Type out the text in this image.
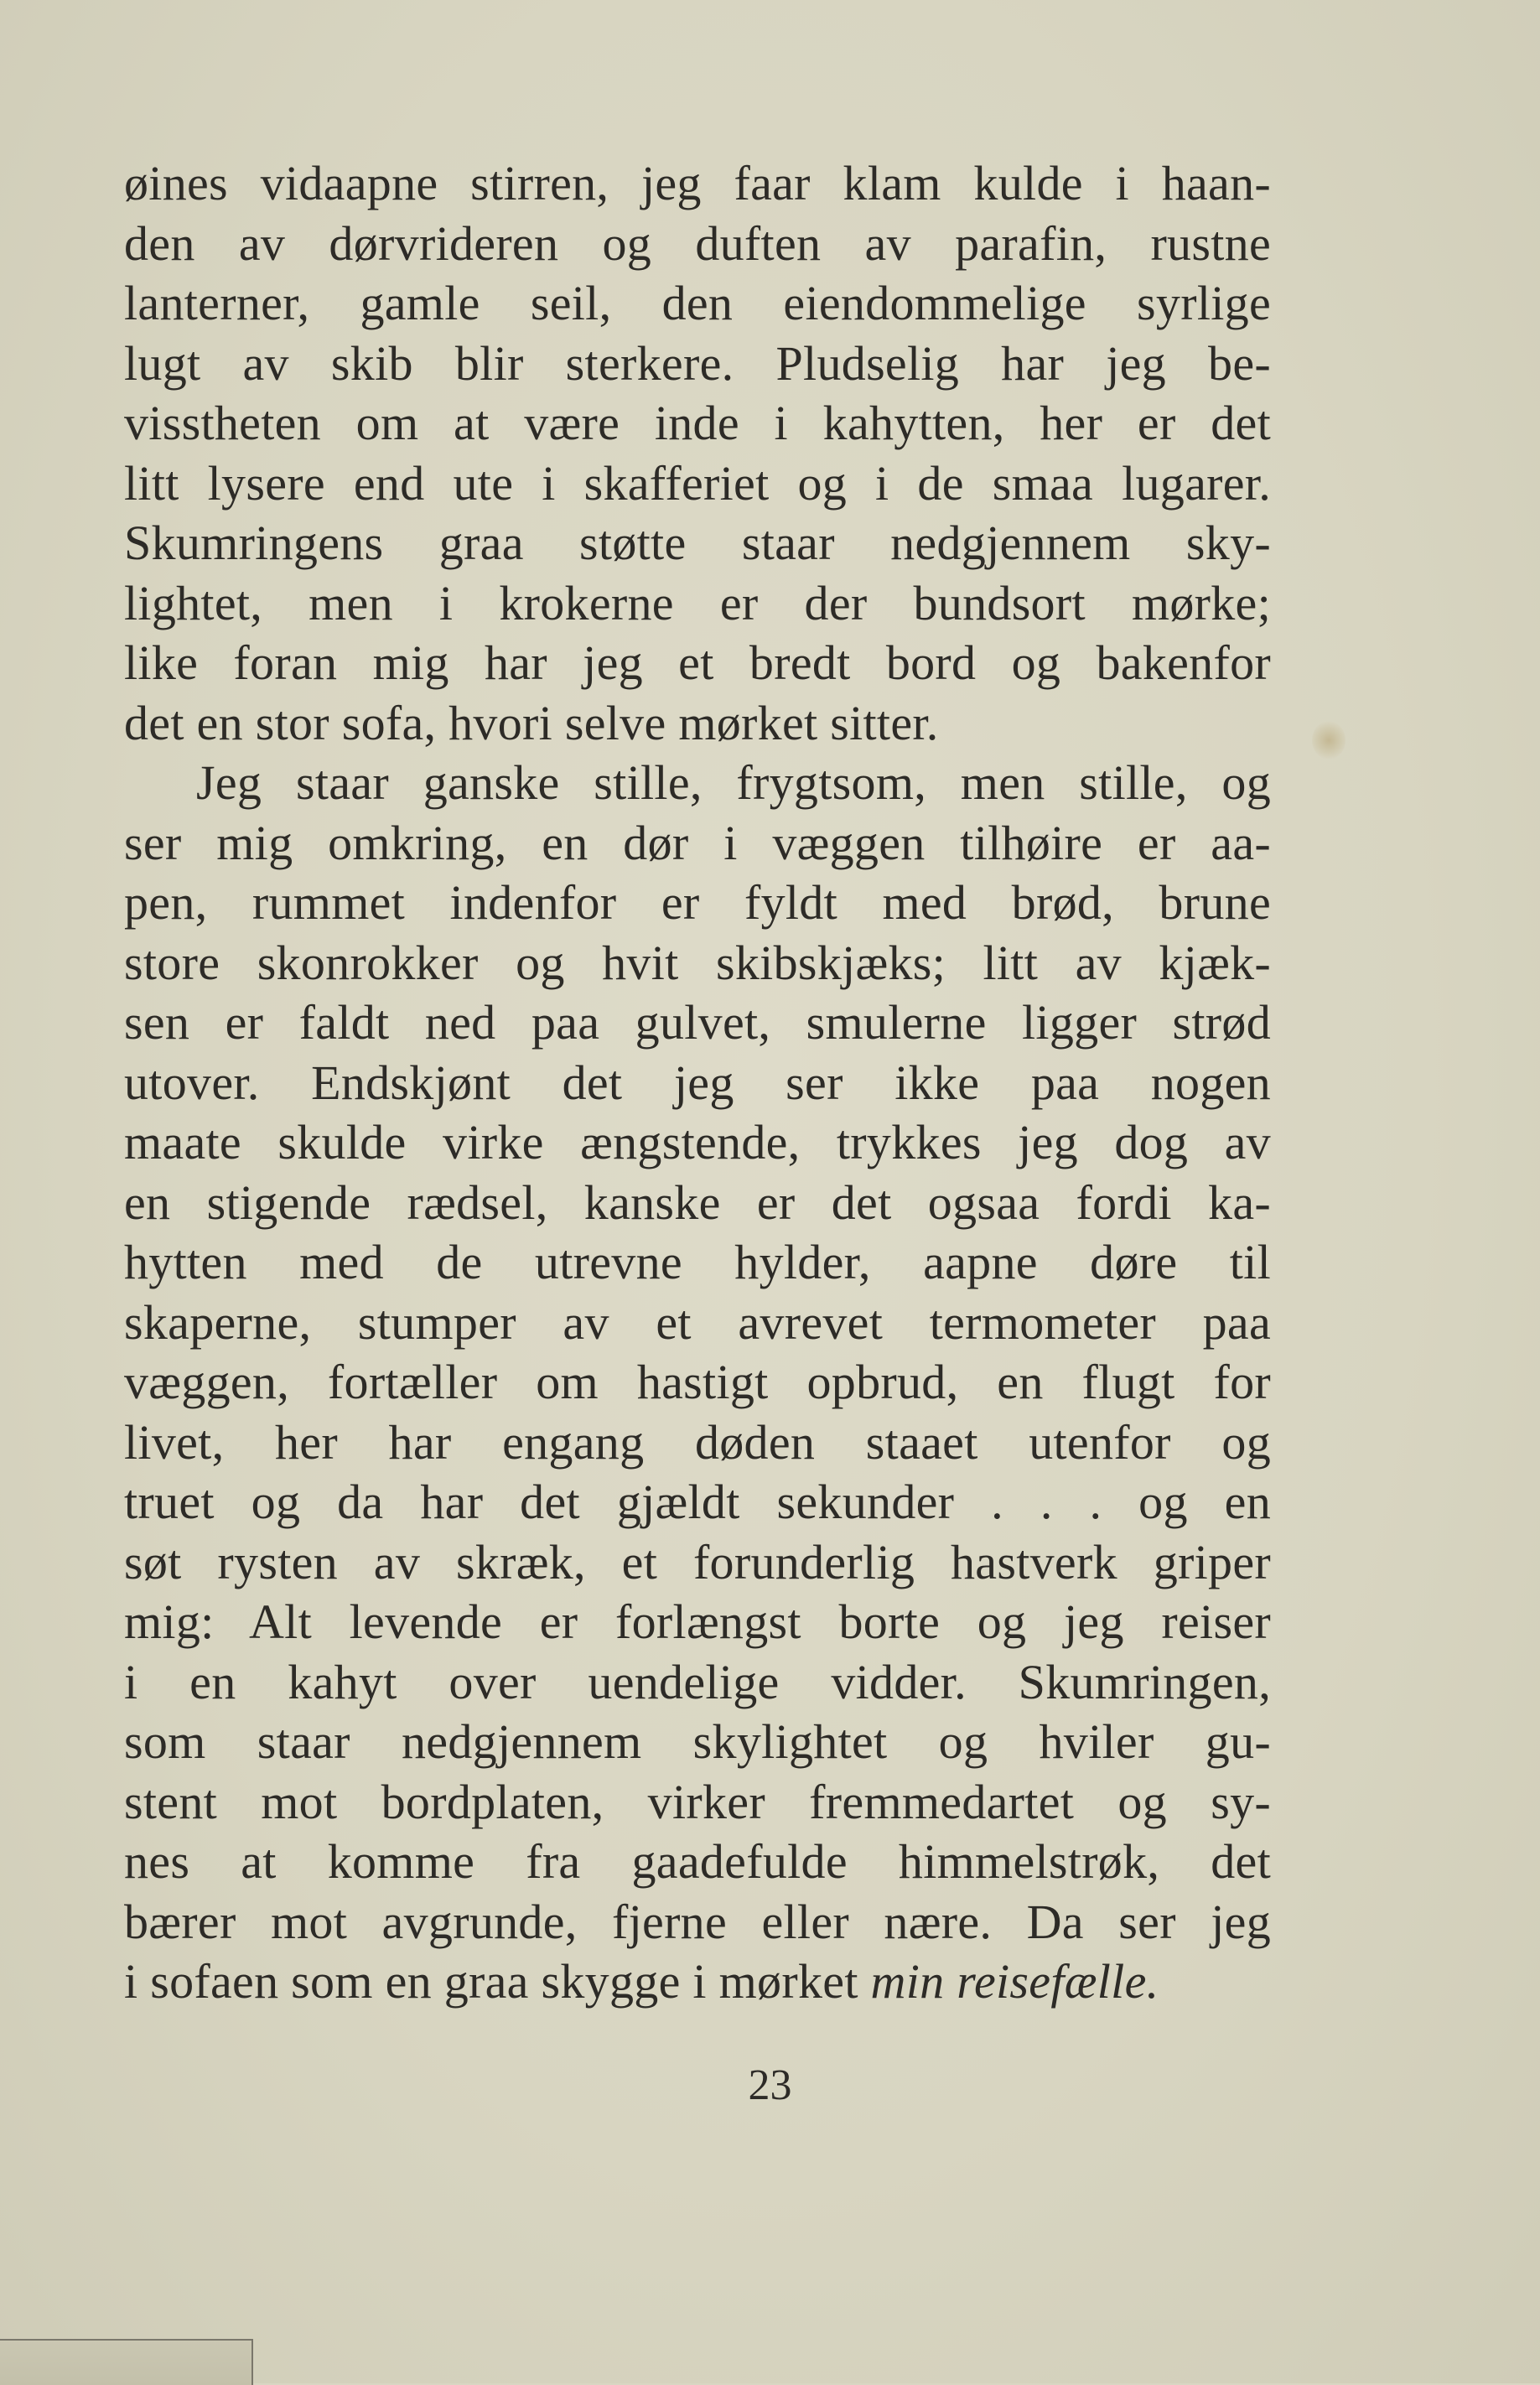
øines vidaapne stirren, jeg faar klam kulde i haan-
den av dørvrideren og duften av parafin, rustne
lanterner, gamle seil, den eiendommelige syrlige
lugt av skib blir sterkere. Pludselig har jeg be-
visstheten om at være inde i kahytten, her er det
litt lysere end ute i skafferiet og i de smaa lugarer.
Skumringens graa støtte staar nedgjennem sky-
lightet, men i krokerne er der bundsort mørke;
like foran mig har jeg et bredt bord og bakenfor
det en stor sofa, hvori selve mørket sitter.
Jeg staar ganske stille, frygtsom, men stille, og
ser mig omkring, en dør i væggen tilhøire er aa-
pen, rummet indenfor er fyldt med brød, brune
store skonrokker og hvit skibskjæks; litt av kjæk-
sen er faldt ned paa gulvet, smulerne ligger strød
utover. Endskjønt det jeg ser ikke paa nogen
maate skulde virke ængstende, trykkes jeg dog av
en stigende rædsel, kanske er det ogsaa fordi ka-
hytten med de utrevne hylder, aapne døre til
skaperne, stumper av et avrevet termometer paa
væggen, fortæller om hastigt opbrud, en flugt for
livet, her har engang døden staaet utenfor og
truet og da har det gjældt sekunder . . . og en
søt rysten av skræk, et forunderlig hastverk griper
mig: Alt levende er forlængst borte og jeg reiser
i en kahyt over uendelige vidder. Skumringen,
som staar nedgjennem skylightet og hviler gu-
stent mot bordplaten, virker fremmedartet og sy-
nes at komme fra gaadefulde himmelstrøk, det
bærer mot avgrunde, fjerne eller nære. Da ser jeg
i sofaen som en graa skygge i mørket min reisefælle.
23
